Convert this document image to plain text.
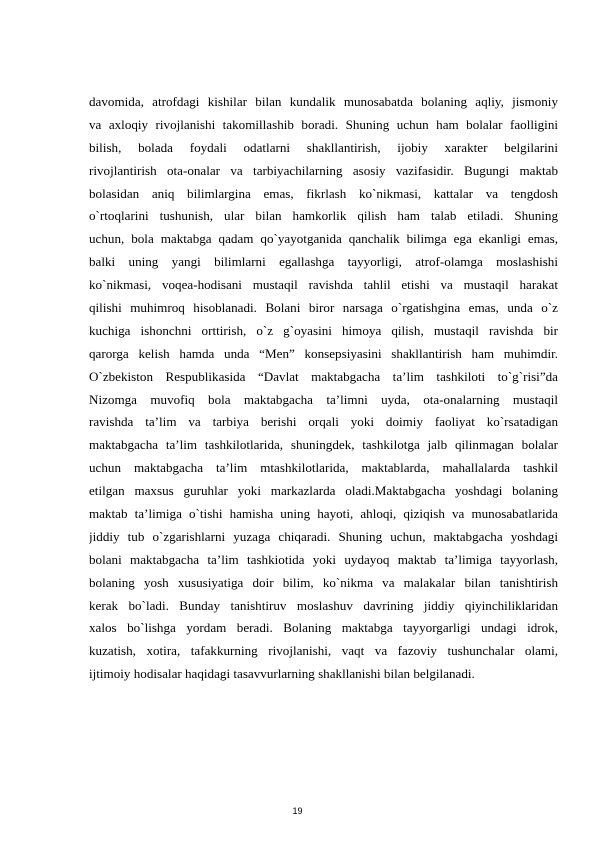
davomida, atrofdagi kishilar bilan kundalik munosabatda bolaning aqliy, jismoniy
va axloqiy rivojlanishi takomillashib boradi. Shuning uchun ham bolalar faolligini
bilish, bolada foydali odatlarni shakllantirish, ijobiy xarakter belgilarini
rivojlantirish ota-onalar va tarbiyachilarning asosiy vazifasidir. Bugungi maktab
bolasidan aniq bilimlargina emas, fikrlash ko`nikmasi, kattalar va tengdosh
o`rtoqlarini tushunish, ular bilan hamkorlik qilish ham talab etiladi. Shuning
uchun, bola maktabga qadam qo`yayotganida qanchalik bilimga ega ekanligi emas,
balki uning yangi bilimlarni egallashga tayyorligi, atrof-olamga moslashishi
ko`nikmasi, voqea-hodisani mustaqil ravishda tahlil etishi va mustaqil harakat
qilishi muhimroq hisoblanadi. Bolani biror narsaga o`rgatishgina emas, unda o`z
kuchiga ishonchni orttirish, o`z g`oyasini himoya qilish, mustaqil ravishda bir
qarorga kelish hamda unda “Men” konsepsiyasini shakllantirish ham muhimdir.
O`zbekiston Respublikasida “Davlat maktabgacha ta’lim tashkiloti to`g`risi”da
Nizomga muvofiq bola maktabgacha ta’limni uyda, ota-onalarning mustaqil
ravishda ta’lim va tarbiya berishi orqali yoki doimiy faoliyat ko`rsatadigan
maktabgacha ta’lim tashkilotlarida, shuningdek, tashkilotga jalb qilinmagan bolalar
uchun maktabgacha ta’lim mtashkilotlarida, maktablarda, mahallalarda tashkil
etilgan maxsus guruhlar yoki markazlarda oladi.Maktabgacha yoshdagi bolaning
maktab ta’limiga o`tishi hamisha uning hayoti, ahloqi, qiziqish va munosabatlarida
jiddiy tub o`zgarishlarni yuzaga chiqaradi. Shuning uchun, maktabgacha yoshdagi
bolani maktabgacha ta’lim tashkiotida yoki uydayoq maktab ta’limiga tayyorlash,
bolaning yosh xususiyatiga doir bilim, ko`nikma va malakalar bilan tanishtirish
kerak bo`ladi. Bunday tanishtiruv moslashuv davrining jiddiy qiyinchiliklaridan
xalos bo`lishga yordam beradi. Bolaning maktabga tayyorgarligi undagi idrok,
kuzatish, xotira, tafakkurning rivojlanishi, vaqt va fazoviy tushunchalar olami,
ijtimoiy hodisalar haqidagi tasavvurlarning shakllanishi bilan belgilanadi.
19
